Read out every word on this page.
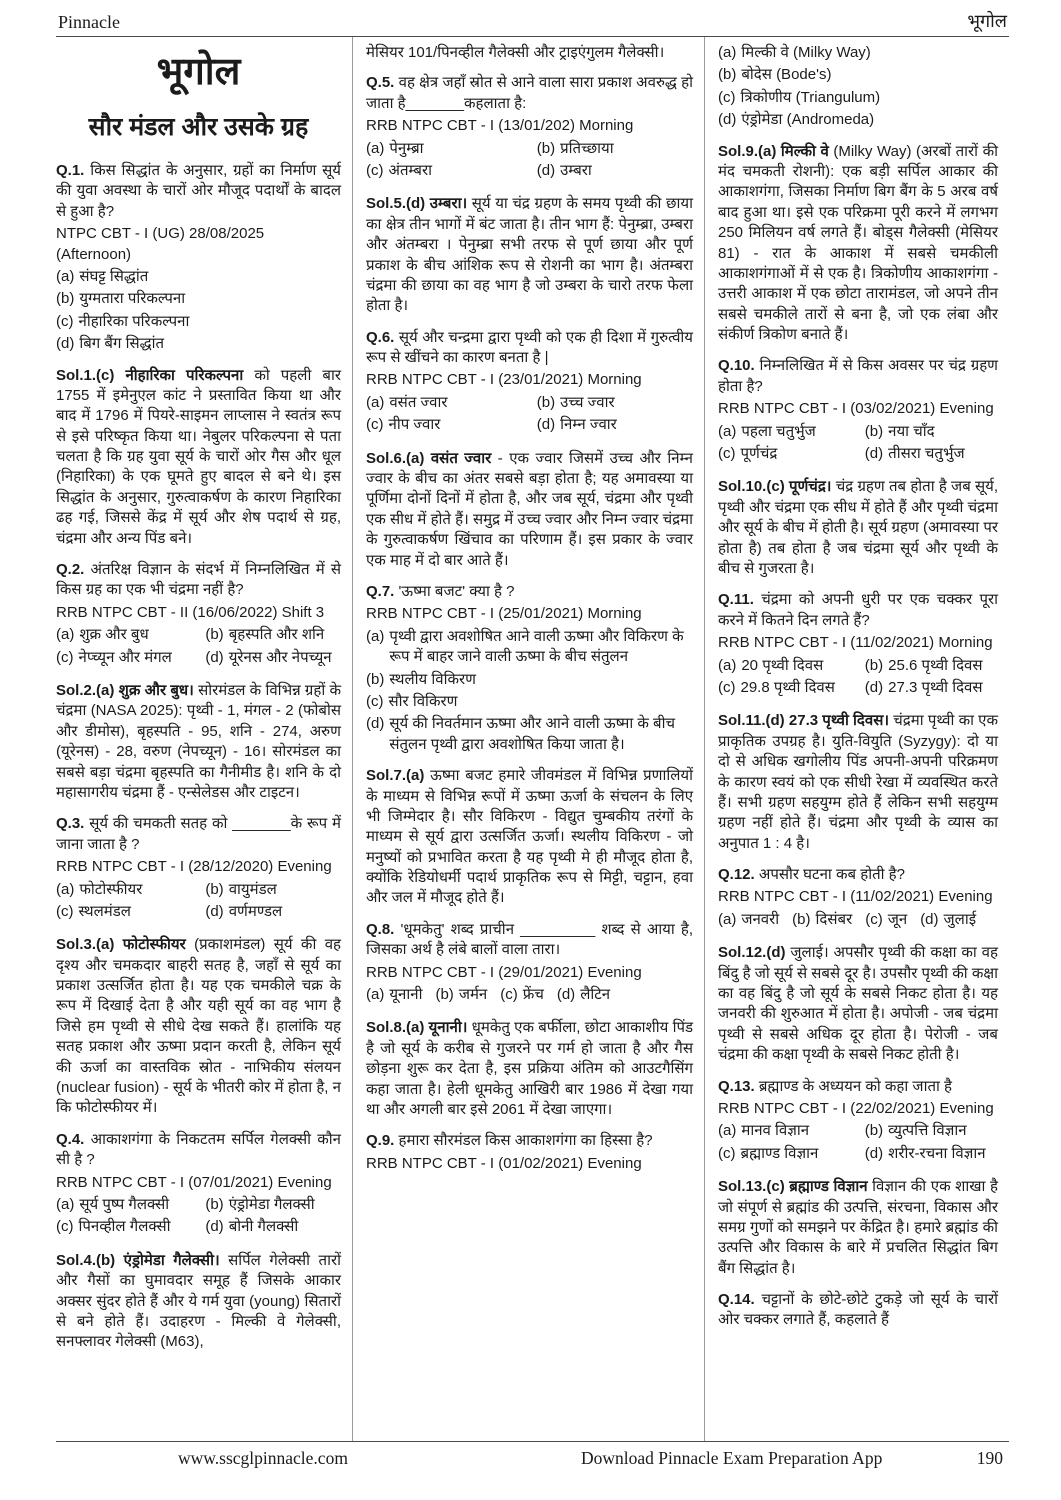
Pinnacle	भूगोल
भूगोल
सौर मंडल और उसके ग्रह

Q.1. किस सिद्धांत के अनुसार, ग्रहों का निर्माण सूर्य की युवा अवस्था के चारों ओर मौजूद पदार्थों के बादल से हुआ है?

NTPC CBT - I (UG) 28/08/2025 (Afternoon)

(a) संघट्ट सिद्धांत
(b) युग्मतारा परिकल्पना
(c) नीहारिका परिकल्पना
(d) बिग बैंग सिद्धांत

Sol.1.(c) नीहारिका परिकल्पना को पहली बार 1755 में इमेनुएल कांट ने प्रस्तावित किया था और बाद में 1796 में पियरे-साइमन लाप्लास ने स्वतंत्र रूप से इसे परिष्कृत किया था। नेबुलर परिकल्पना से पता चलता है कि ग्रह युवा सूर्य के चारों ओर गैस और धूल (निहारिका) के एक घूमते हुए बादल से बने थे। इस सिद्धांत के अनुसार, गुरुत्वाकर्षण के कारण निहारिका ढह गई, जिससे केंद्र में सूर्य और शेष पदार्थ से ग्रह, चंद्रमा और अन्य पिंड बने।

Q.2. अंतरिक्ष विज्ञान के संदर्भ में निम्नलिखित में से किस ग्रह का एक भी चंद्रमा नहीं है?

RRB NTPC CBT - II (16/06/2022) Shift 3

(a) शुक्र और बुध	(b) बृहस्पति और शनि
(c) नेप्च्यून और मंगल (d) यूरेनस और नेपच्यून

Sol.2.(a) शुक्र और बुध। सोरमंडल के विभिन्न ग्रहों के चंद्रमा (NASA 2025): पृथ्वी - 1, मंगल - 2 (फोबोस और डीमोस), बृहस्पति - 95, शनि - 274, अरुण (यूरेनस) - 28, वरुण (नेपच्यून) - 16। सोरमंडल का सबसे बड़ा चंद्रमा बृहस्पति का गैनीमीड है। शनि के दो महासागरीय चंद्रमा हैं - एन्सेलेडस और टाइटन।

Q.3. सूर्य की चमकती सतह को _______के रूप में जाना जाता है ?

RRB NTPC CBT - I (28/12/2020) Evening

(a) फोटोस्फीयर	(b) वायुमंडल
(c) स्थलमंडल	(d) वर्णमण्डल

Sol.3.(a) फोटोस्फीयर (प्रकाशमंडल) सूर्य की वह दृश्य और चमकदार बाहरी सतह है, जहाँ से सूर्य का प्रकाश उत्सर्जित होता है। यह एक चमकीले चक्र के रूप में दिखाई देता है और यही सूर्य का वह भाग है जिसे हम पृथ्वी से सीधे देख सकते हैं। हालांकि यह सतह प्रकाश और ऊष्मा प्रदान करती है, लेकिन सूर्य की ऊर्जा का वास्तविक स्रोत - नाभिकीय संलयन (nuclear fusion) - सूर्य के भीतरी कोर में होता है, न कि फोटोस्फीयर में।

Q.4. आकाशगंगा के निकटतम सर्पिल गेलक्सी कौन सी है ?

RRB NTPC CBT - I (07/01/2021) Evening

(a) सूर्य पुष्प गैलक्सी (b) एंड्रोमेडा गैलक्सी
(c) पिनव्हील गैलक्सी (d) बोनी गैलक्सी

Sol.4.(b) एंड्रोमेडा गैलेक्सी। सर्पिल गेलेक्सी तारों और गैसों का घुमावदार समूह हैं जिसके आकार अक्सर सुंदर होते हैं और ये गर्म युवा (young) सितारों से बने होते हैं। उदाहरण - मिल्की वे गेलेक्सी, सनफ्लावर गेलेक्सी (M63),

मेसियर 101/पिनव्हील गैलेक्सी और ट्राइएंगुलम गैलेक्सी।

Q.5. वह क्षेत्र जहाँ स्रोत से आने वाला सारा प्रकाश अवरुद्ध हो जाता है_______कहलाता है:

RRB NTPC CBT - I (13/01/202) Morning

(a) पेनुम्ब्रा	(b) प्रतिच्छाया
(c) अंतम्बरा	(d) उम्बरा

Sol.5.(d) उम्बरा। सूर्य या चंद्र ग्रहण के समय पृथ्वी की छाया का क्षेत्र तीन भागों में बंट जाता है। तीन भाग हैं: पेनुम्ब्रा, उम्बरा और अंतम्बरा । पेनुम्ब्रा सभी तरफ से पूर्ण छाया और पूर्ण प्रकाश के बीच आंशिक रूप से रोशनी का भाग है। अंतम्बरा चंद्रमा की छाया का वह भाग है जो उम्बरा के चारो तरफ फेला होता है।

Q.6. सूर्य और चन्द्रमा द्वारा पृथ्वी को एक ही दिशा में गुरुत्वीय रूप से खींचने का कारण बनता है |

RRB NTPC CBT - I (23/01/2021) Morning

(a) वसंत ज्वार	(b) उच्च ज्वार
(c) नीप ज्वार	(d) निम्न ज्वार

Sol.6.(a) वसंत ज्वार - एक ज्वार जिसमें उच्च और निम्न ज्वार के बीच का अंतर सबसे बड़ा होता है; यह अमावस्या या पूर्णिमा दोनों दिनों में होता है, और जब सूर्य, चंद्रमा और पृथ्वी एक सीध में होते हैं। समुद्र में उच्च ज्वार और निम्न ज्वार चंद्रमा के गुरुत्वाकर्षण खिंचाव का परिणाम हैं। इस प्रकार के ज्वार एक माह में दो बार आते हैं।

Q.7. 'ऊष्मा बजट' क्या है ?

RRB NTPC CBT - I (25/01/2021) Morning

(a) पृथ्वी द्वारा अवशोषित आने वाली ऊष्मा और विकिरण के रूप में बाहर जाने वाली ऊष्मा के बीच संतुलन
(b) स्थलीय विकिरण
(c) सौर विकिरण
(d) सूर्य की निवर्तमान ऊष्मा और आने वाली ऊष्मा के बीच संतुलन पृथ्वी द्वारा अवशोषित किया जाता है।

Sol.7.(a) ऊष्मा बजट हमारे जीवमंडल में विभिन्न प्रणालियों के माध्यम से विभिन्न रूपों में ऊष्मा ऊर्जा के संचलन के लिए भी जिम्मेदार है। सौर विकिरण - विद्युत चुम्बकीय तरंगों के माध्यम से सूर्य द्वारा उत्सर्जित ऊर्जा। स्थलीय विकिरण - जो मनुष्यों को प्रभावित करता है यह पृथ्वी मे ही मौजूद होता है, क्योंकि रेडियोधर्मी पदार्थ प्राकृतिक रूप से मिट्टी, चट्टान, हवा और जल में मौजूद होते हैं।

Q.8. 'धूमकेतु' शब्द प्राचीन _________ शब्द से आया है, जिसका अर्थ है लंबे बालों वाला तारा।

RRB NTPC CBT - I (29/01/2021) Evening

(a) यूनानी (b) जर्मन (c) फ्रेंच (d) लैटिन

Sol.8.(a) यूनानी। धूमकेतु एक बर्फीला, छोटा आकाशीय पिंड है जो सूर्य के करीब से गुजरने पर गर्म हो जाता है और गैस छोड़ना शुरू कर देता है, इस प्रक्रिया अंतिम को आउटगैसिंग कहा जाता है। हेली धूमकेतु आखिरी बार 1986 में देखा गया था और अगली बार इसे 2061 में देखा जाएगा।

Q.9. हमारा सौरमंडल किस आकाशगंगा का हिस्सा है?

RRB NTPC CBT - I (01/02/2021) Evening

(a) मिल्की वे (Milky Way)
(b) बोदेस (Bode's)
(c) त्रिकोणीय (Triangulum)
(d) एंड्रोमेडा (Andromeda)

Sol.9.(a) मिल्की वे (Milky Way) (अरबों तारों की मंद चमकती रोशनी): एक बड़ी सर्पिल आकार की आकाशगंगा, जिसका निर्माण बिग बैंग के 5 अरब वर्ष बाद हुआ था। इसे एक परिक्रमा पूरी करने में लगभग 250 मिलियन वर्ष लगते हैं। बोड्स गैलेक्सी (मेसियर 81) - रात के आकाश में सबसे चमकीली आकाशगंगाओं में से एक है। त्रिकोणीय आकाशगंगा - उत्तरी आकाश में एक छोटा तारामंडल, जो अपने तीन सबसे चमकीले तारों से बना है, जो एक लंबा और संकीर्ण त्रिकोण बनाते हैं।

Q.10. निम्नलिखित में से किस अवसर पर चंद्र ग्रहण होता है?

RRB NTPC CBT - I (03/02/2021) Evening

(a) पहला चतुर्भुज	(b) नया चाँद
(c) पूर्णचंद्र	(d) तीसरा चतुर्भुज

Sol.10.(c) पूर्णचंद्र। चंद्र ग्रहण तब होता है जब सूर्य, पृथ्वी और चंद्रमा एक सीध में होते हैं और पृथ्वी चंद्रमा और सूर्य के बीच में होती है। सूर्य ग्रहण (अमावस्या पर होता है) तब होता है जब चंद्रमा सूर्य और पृथ्वी के बीच से गुजरता है।

Q.11. चंद्रमा को अपनी धुरी पर एक चक्कर पूरा करने में कितने दिन लगते हैं?

RRB NTPC CBT - I (11/02/2021) Morning

(a) 20 पृथ्वी दिवस	(b) 25.6 पृथ्वी दिवस
(c) 29.8 पृथ्वी दिवस (d) 27.3 पृथ्वी दिवस

Sol.11.(d) 27.3 पृथ्वी दिवस। चंद्रमा पृथ्वी का एक प्राकृतिक उपग्रह है। युति-वियुति (Syzygy): दो या दो से अधिक खगोलीय पिंड अपनी-अपनी परिक्रमण के कारण स्वयं को एक सीधी रेखा में व्यवस्थित करते हैं। सभी ग्रहण सहयुग्म होते हैं लेकिन सभी सहयुग्म ग्रहण नहीं होते हैं। चंद्रमा और पृथ्वी के व्यास का अनुपात 1 : 4 है।

Q.12. अपसौर घटना कब होती है?

RRB NTPC CBT - I (11/02/2021) Evening

(a) जनवरी (b) दिसंबर (c) जून (d) जुलाई

Sol.12.(d) जुलाई। अपसौर पृथ्वी की कक्षा का वह बिंदु है जो सूर्य से सबसे दूर है। उपसौर पृथ्वी की कक्षा का वह बिंदु है जो सूर्य के सबसे निकट होता है। यह जनवरी की शुरुआत में होता है। अपोजी - जब चंद्रमा पृथ्वी से सबसे अधिक दूर होता है। पेरोजी - जब चंद्रमा की कक्षा पृथ्वी के सबसे निकट होती है।

Q.13. ब्रह्माण्ड के अध्ययन को कहा जाता है

RRB NTPC CBT - I (22/02/2021) Evening

(a) मानव विज्ञान	(b) व्युत्पत्ति विज्ञान
(c) ब्रह्माण्ड विज्ञान	(d) शरीर-रचना विज्ञान

Sol.13.(c) ब्रह्माण्ड विज्ञान विज्ञान की एक शाखा है जो संपूर्ण से ब्रह्मांड की उत्पत्ति, संरचना, विकास और समग्र गुणों को समझने पर केंद्रित है। हमारे ब्रह्मांड की उत्पत्ति और विकास के बारे में प्रचलित सिद्धांत बिग बैंग सिद्धांत है।

Q.14. चट्टानों के छोटे-छोटे टुकड़े जो सूर्य के चारों ओर चक्कर लगाते हैं, कहलाते हैं

www.sscglpinnacle.com	Download Pinnacle Exam Preparation App	190
